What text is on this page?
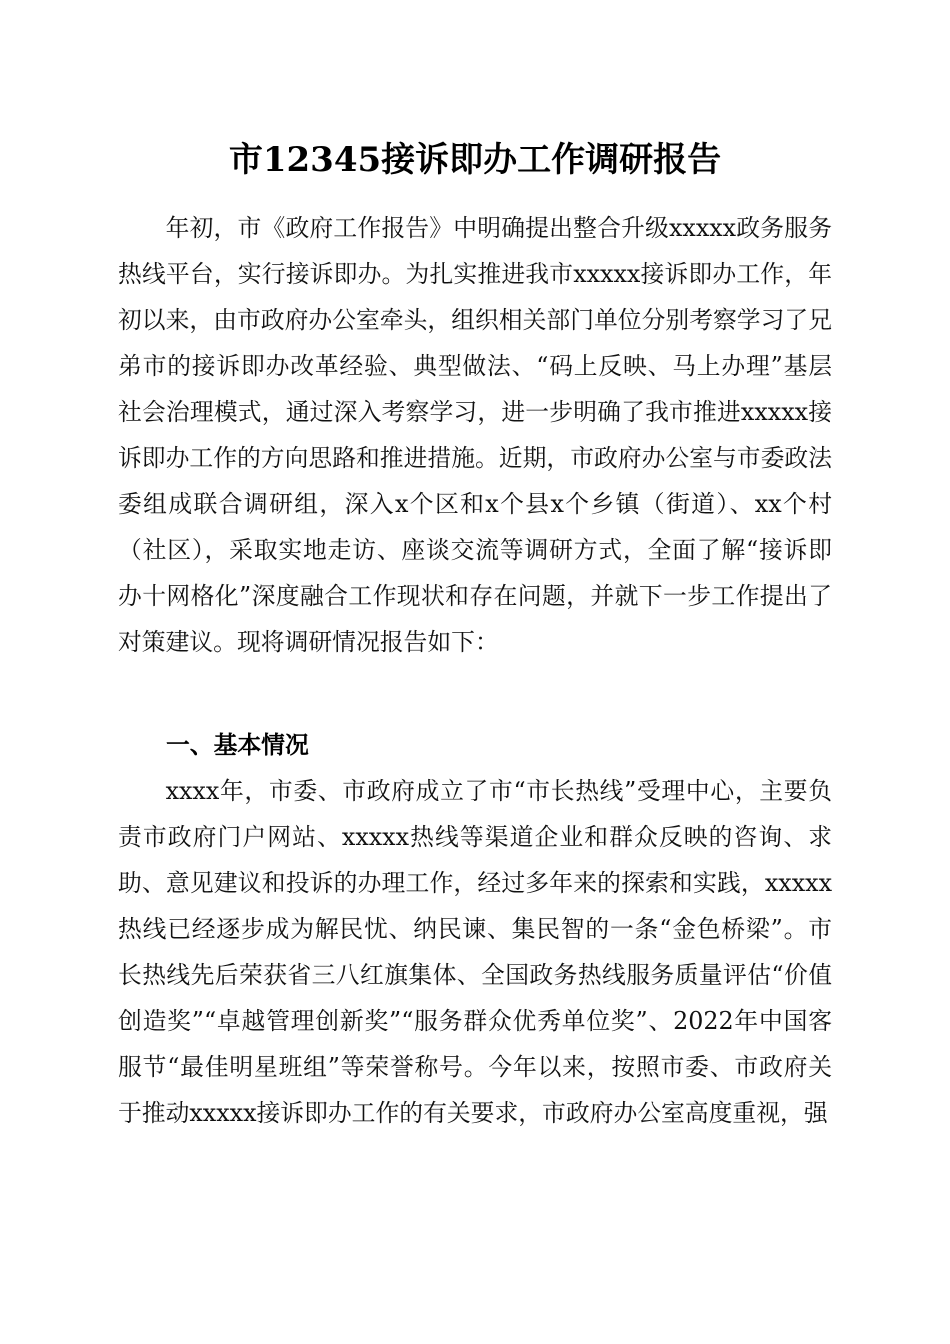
市12345接诉即办工作调研报告

年初，市《政府工作报告》中明确提出整合升级xxxxx政务服务热线平台，实行接诉即办。为扎实推进我市xxxxx接诉即办工作，年初以来，由市政府办公室牵头，组织相关部门单位分别考察学习了兄弟市的接诉即办改革经验、典型做法、“码上反映、马上办理”基层社会治理模式，通过深入考察学习，进一步明确了我市推进xxxxx接诉即办工作的方向思路和推进措施。近期，市政府办公室与市委政法委组成联合调研组，深入x个区和x个县x个乡镇（街道）、xx个村（社区），采取实地走访、座谈交流等调研方式，全面了解“接诉即办十网格化”深度融合工作现状和存在问题，并就下一步工作提出了对策建议。现将调研情况报告如下：

一、基本情况

xxxx年，市委、市政府成立了市“市长热线”受理中心，主要负责市政府门户网站、xxxxx热线等渠道企业和群众反映的咨询、求助、意见建议和投诉的办理工作，经过多年来的探索和实践，xxxxx热线已经逐步成为解民忧、纳民谏、集民智的一条“金色桥梁”。市长热线先后荣获省三八红旗集体、全国政务热线服务质量评估“价值创造奖”“卓越管理创新奖”“服务群众优秀单位奖”、2022年中国客服节“最佳明星班组”等荣誉称号。今年以来，按照市委、市政府关于推动xxxxx接诉即办工作的有关要求，市政府办公室高度重视，强
